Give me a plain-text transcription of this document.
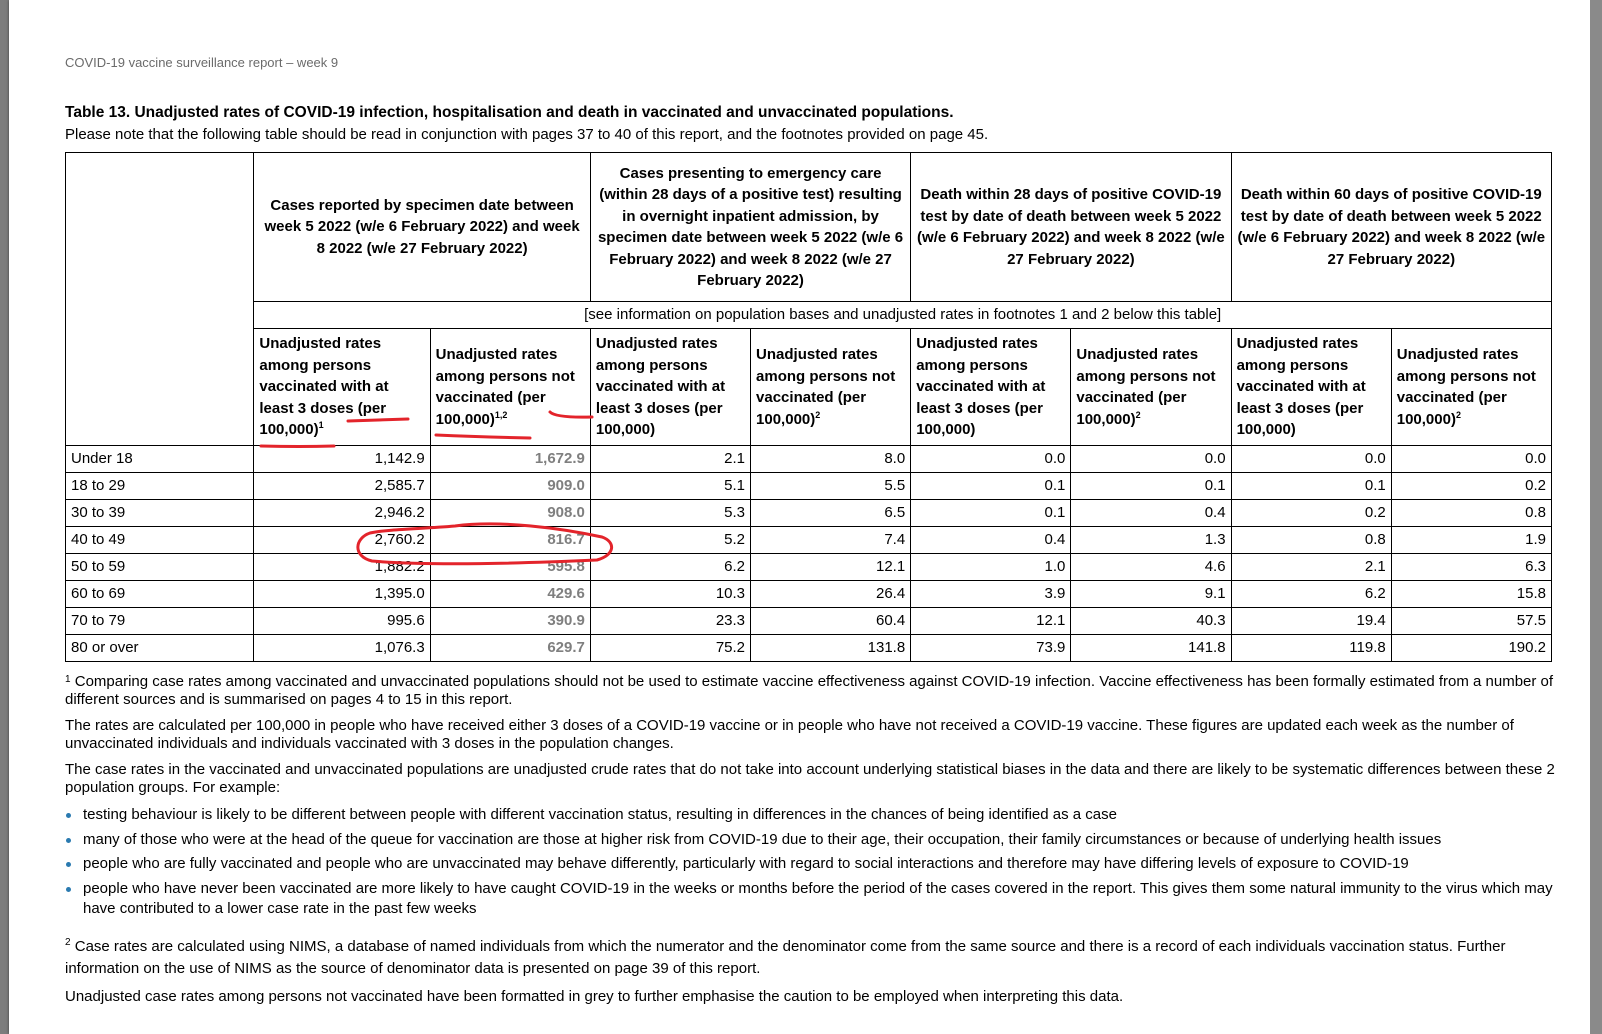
COVID-19 vaccine surveillance report – week 9

Table 13. Unadjusted rates of COVID-19 infection, hospitalisation and death in vaccinated and unvaccinated populations.

Please note that the following table should be read in conjunction with pages 37 to 40 of this report, and the footnotes provided on page 45.

	Cases reported by specimen date between week 5 2022 (w/e 6 February 2022) and week 8 2022 (w/e 27 February 2022)		Cases presenting to emergency care (within 28 days of a positive test) resulting in overnight inpatient admission, by specimen date between week 5 2022 (w/e 6 February 2022) and week 8 2022 (w/e 27 February 2022)		Death within 28 days of positive COVID-19 test by date of death between week 5 2022 (w/e 6 February 2022) and week 8 2022 (w/e 27 February 2022)		Death within 60 days of positive COVID-19 test by date of death between week 5 2022 (w/e 6 February 2022) and week 8 2022 (w/e 27 February 2022)	
	[see information on population bases and unadjusted rates in footnotes 1 and 2 below this table]							
	Unadjusted rates among persons vaccinated with at least 3 doses (per 100,000)$^1$	Unadjusted rates among persons not vaccinated (per 100,000)$^{1,2}$	Unadjusted rates among persons vaccinated with at least 3 doses (per 100,000)	Unadjusted rates among persons not vaccinated (per 100,000)$^2$	Unadjusted rates among persons vaccinated with at least 3 doses (per 100,000)	Unadjusted rates among persons not vaccinated (per 100,000)$^2$	Unadjusted rates among persons vaccinated with at least 3 doses (per 100,000)	Unadjusted rates among persons not vaccinated (per 100,000)$^2$
Under 18	1,142.9	1,672.9	2.1	8.0	0.0	0.0	0.0	0.0
18 to 29	2,585.7	909.0	5.1	5.5	0.1	0.1	0.1	0.2
30 to 39	2,946.2	908.0	5.3	6.5	0.1	0.4	0.2	0.8
40 to 49	2,760.2	816.7	5.2	7.4	0.4	1.3	0.8	1.9
50 to 59	1,882.2	595.8	6.2	12.1	1.0	4.6	2.1	6.3
60 to 69	1,395.0	429.6	10.3	26.4	3.9	9.1	6.2	15.8
70 to 79	995.6	390.9	23.3	60.4	12.1	40.3	19.4	57.5
80 or over	1,076.3	629.7	75.2	131.8	73.9	141.8	119.8	190.2

$^1$ Comparing case rates among vaccinated and unvaccinated populations should not be used to estimate vaccine effectiveness against COVID-19 infection. Vaccine effectiveness has been formally estimated from a number of different sources and is summarised on pages 4 to 15 in this report.

The rates are calculated per 100,000 in people who have received either 3 doses of a COVID-19 vaccine or in people who have not received a COVID-19 vaccine. These figures are updated each week as the number of unvaccinated individuals and individuals vaccinated with 3 doses in the population changes.

The case rates in the vaccinated and unvaccinated populations are unadjusted crude rates that do not take into account underlying statistical biases in the data and there are likely to be systematic differences between these 2 population groups. For example:

testing behaviour is likely to be different between people with different vaccination status, resulting in differences in the chances of being identified as a case
many of those who were at the head of the queue for vaccination are those at higher risk from COVID-19 due to their age, their occupation, their family circumstances or because of underlying health issues
people who are fully vaccinated and people who are unvaccinated may behave differently, particularly with regard to social interactions and therefore may have differing levels of exposure to COVID-19
people who have never been vaccinated are more likely to have caught COVID-19 in the weeks or months before the period of the cases covered in the report. This gives them some natural immunity to the virus which may have contributed to a lower case rate in the past few weeks

$^2$ Case rates are calculated using NIMS, a database of named individuals from which the numerator and the denominator come from the same source and there is a record of each individuals vaccination status. Further information on the use of NIMS as the source of denominator data is presented on page 39 of this report.

Unadjusted case rates among persons not vaccinated have been formatted in grey to further emphasise the caution to be employed when interpreting this data.
